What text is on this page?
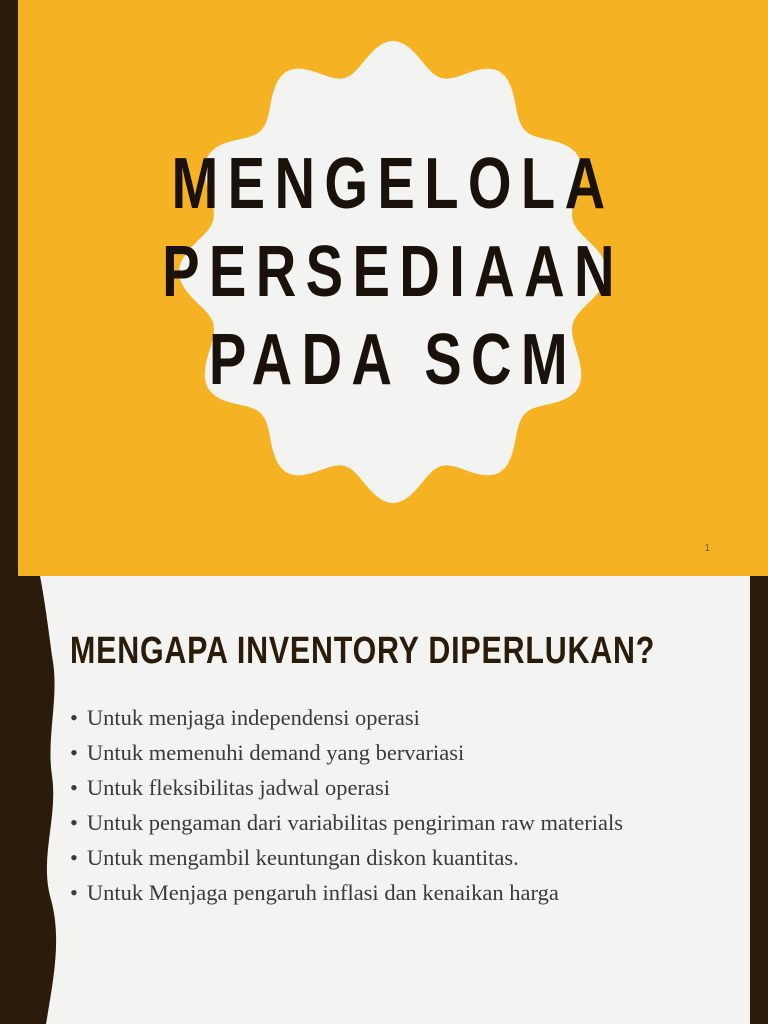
MENGELOLA
PERSEDIAAN
PADA SCM
1
MENGAPA INVENTORY DIPERLUKAN?
• Untuk menjaga independensi operasi
• Untuk memenuhi demand yang bervariasi
• Untuk fleksibilitas jadwal operasi
• Untuk pengaman dari variabilitas pengiriman raw materials
• Untuk mengambil keuntungan diskon kuantitas.
• Untuk Menjaga pengaruh inflasi dan kenaikan harga
